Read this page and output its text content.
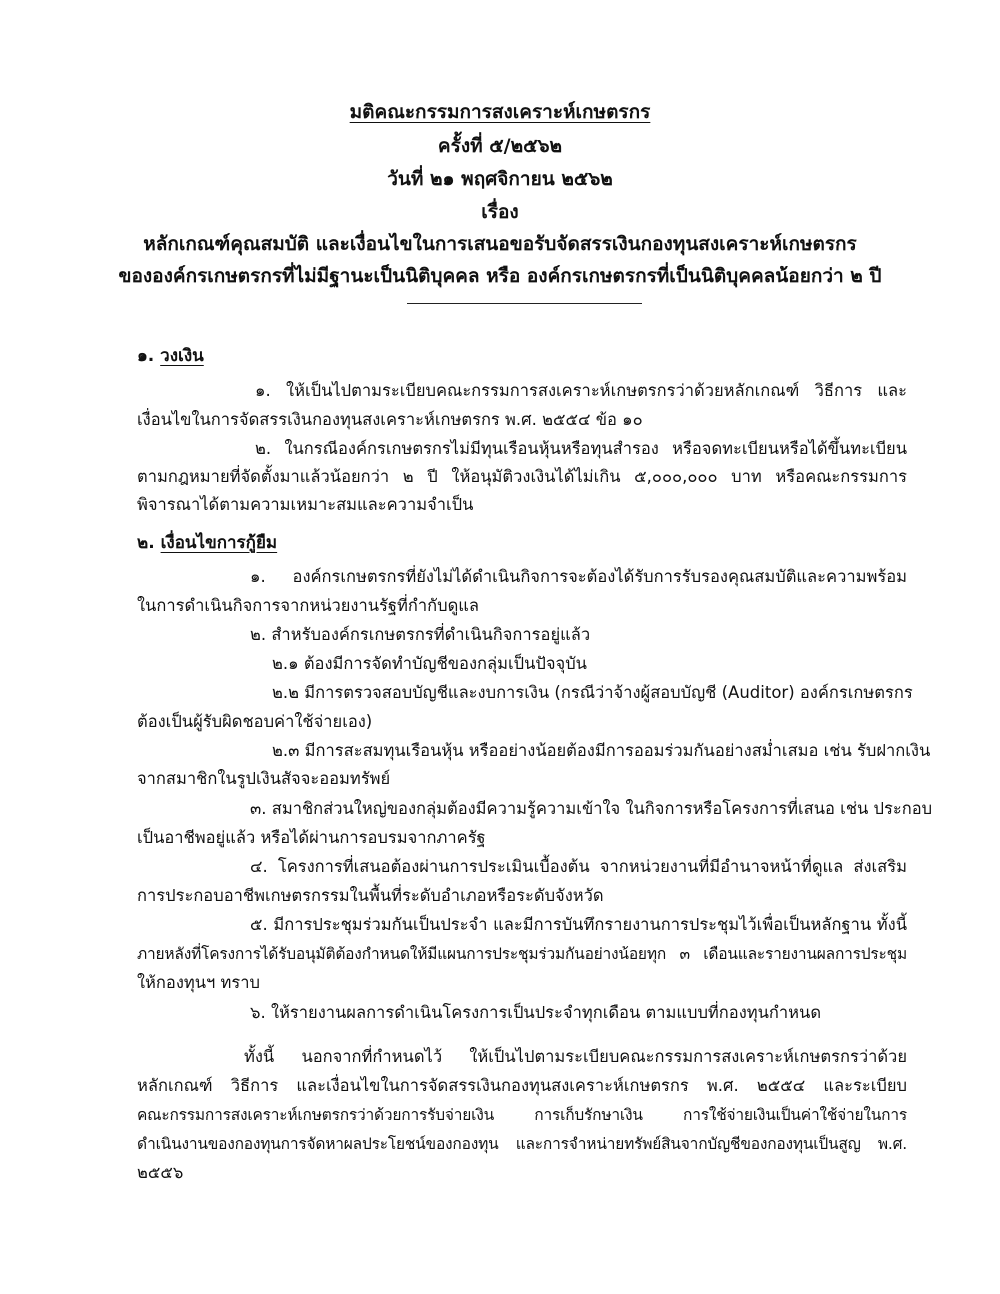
มติคณะกรรมการสงเคราะห์เกษตรกร
ครั้งที่ ๕/๒๕๖๒
วันที่ ๒๑ พฤศจิกายน ๒๕๖๒
เรื่อง
หลักเกณฑ์คุณสมบัติ และเงื่อนไขในการเสนอขอรับจัดสรรเงินกองทุนสงเคราะห์เกษตรกร
ขององค์กรเกษตรกรที่ไม่มีฐานะเป็นนิติบุคคล หรือ องค์กรเกษตรกรที่เป็นนิติบุคคลน้อยกว่า ๒ ปี
๑. วงเงิน
๑. ให้เป็นไปตามระเบียบคณะกรรมการสงเคราะห์เกษตรกรว่าด้วยหลักเกณฑ์ วิธีการ และ
เงื่อนไขในการจัดสรรเงินกองทุนสงเคราะห์เกษตรกร พ.ศ. ๒๕๕๔ ข้อ ๑๐
๒. ในกรณีองค์กรเกษตรกรไม่มีทุนเรือนหุ้นหรือทุนสำรอง หรือจดทะเบียนหรือได้ขึ้นทะเบียน
ตามกฎหมายที่จัดตั้งมาแล้วน้อยกว่า ๒ ปี ให้อนุมัติวงเงินได้ไม่เกิน ๕,๐๐๐,๐๐๐ บาท หรือคณะกรรมการ
พิจารณาได้ตามความเหมาะสมและความจำเป็น
๒. เงื่อนไขการกู้ยืม
๑. องค์กรเกษตรกรที่ยังไม่ได้ดำเนินกิจการจะต้องได้รับการรับรองคุณสมบัติและความพร้อม
ในการดำเนินกิจการจากหน่วยงานรัฐที่กำกับดูแล
๒. สำหรับองค์กรเกษตรกรที่ดำเนินกิจการอยู่แล้ว
๒.๑ ต้องมีการจัดทำบัญชีของกลุ่มเป็นปัจจุบัน
๒.๒ มีการตรวจสอบบัญชีและงบการเงิน (กรณีว่าจ้างผู้สอบบัญชี (Auditor) องค์กรเกษตรกร
ต้องเป็นผู้รับผิดชอบค่าใช้จ่ายเอง)
๒.๓ มีการสะสมทุนเรือนหุ้น หรืออย่างน้อยต้องมีการออมร่วมกันอย่างสม่ำเสมอ เช่น รับฝากเงิน
จากสมาชิกในรูปเงินสัจจะออมทรัพย์
๓. สมาชิกส่วนใหญ่ของกลุ่มต้องมีความรู้ความเข้าใจ ในกิจการหรือโครงการที่เสนอ เช่น ประกอบ
เป็นอาชีพอยู่แล้ว หรือได้ผ่านการอบรมจากภาครัฐ
๔. โครงการที่เสนอต้องผ่านการประเมินเบื้องต้น จากหน่วยงานที่มีอำนาจหน้าที่ดูแล ส่งเสริม
การประกอบอาชีพเกษตรกรรมในพื้นที่ระดับอำเภอหรือระดับจังหวัด
๕. มีการประชุมร่วมกันเป็นประจำ และมีการบันทึกรายงานการประชุมไว้เพื่อเป็นหลักฐาน ทั้งนี้
ภายหลังที่โครงการได้รับอนุมัติต้องกำหนดให้มีแผนการประชุมร่วมกันอย่างน้อยทุก ๓ เดือนและรายงานผลการประชุม
ให้กองทุนฯ ทราบ
๖. ให้รายงานผลการดำเนินโครงการเป็นประจำทุกเดือน ตามแบบที่กองทุนกำหนด
ทั้งนี้ นอกจากที่กำหนดไว้ ให้เป็นไปตามระเบียบคณะกรรมการสงเคราะห์เกษตรกรว่าด้วย
หลักเกณฑ์ วิธีการ และเงื่อนไขในการจัดสรรเงินกองทุนสงเคราะห์เกษตรกร พ.ศ. ๒๕๕๔ และระเบียบ
คณะกรรมการสงเคราะห์เกษตรกรว่าด้วยการรับจ่ายเงิน การเก็บรักษาเงิน การใช้จ่ายเงินเป็นค่าใช้จ่ายในการ
ดำเนินงานของกองทุนการจัดหาผลประโยชน์ของกองทุน และการจำหน่ายทรัพย์สินจากบัญชีของกองทุนเป็นสูญ พ.ศ.
๒๕๕๖
